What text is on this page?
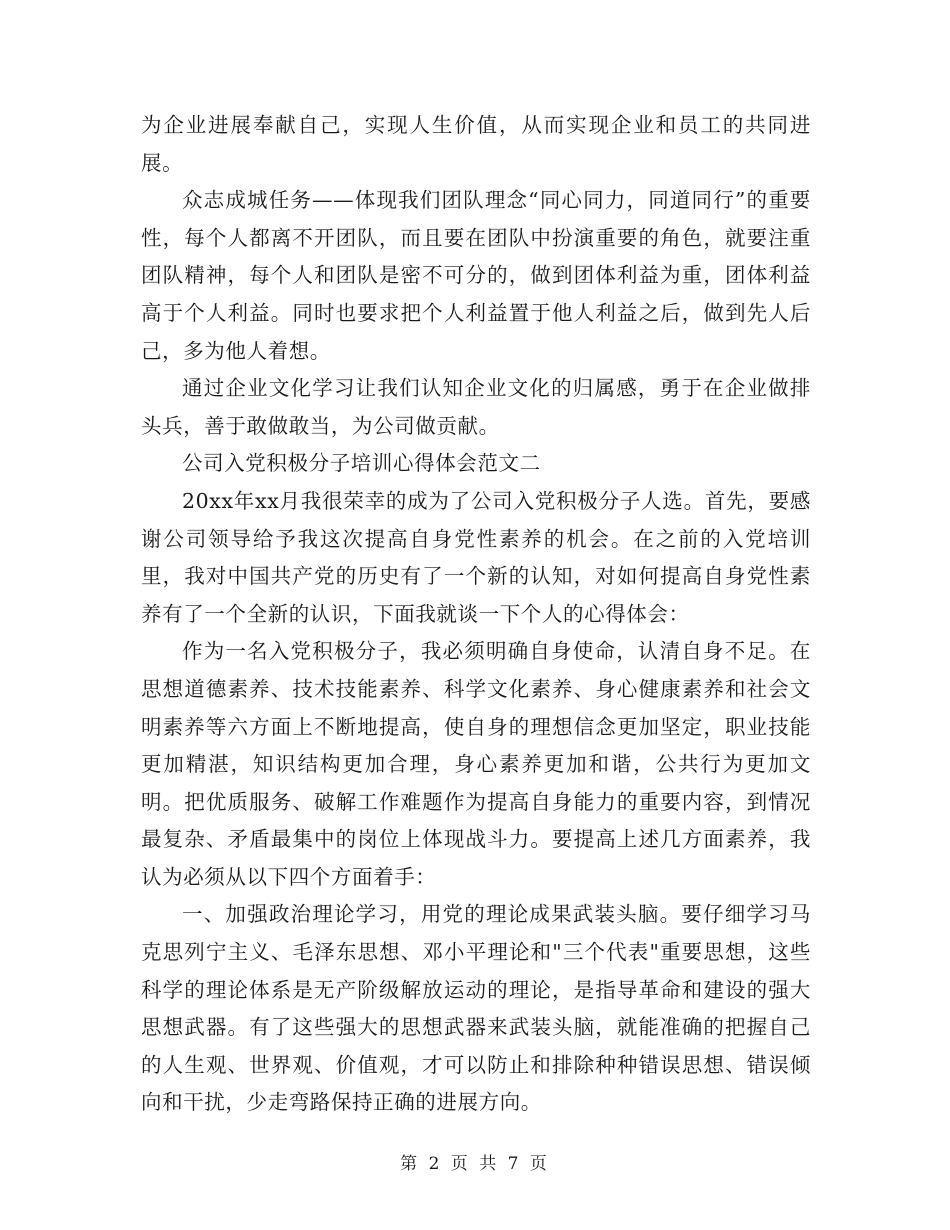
为企业进展奉献自己，实现人生价值，从而实现企业和员工的共同进展。

众志成城任务——体现我们团队理念“同心同力，同道同行”的重要性，每个人都离不开团队，而且要在团队中扮演重要的角色，就要注重团队精神，每个人和团队是密不可分的，做到团体利益为重，团体利益高于个人利益。同时也要求把个人利益置于他人利益之后，做到先人后己，多为他人着想。

通过企业文化学习让我们认知企业文化的归属感，勇于在企业做排头兵，善于敢做敢当，为公司做贡献。

公司入党积极分子培训心得体会范文二

20xx年xx月我很荣幸的成为了公司入党积极分子人选。首先，要感谢公司领导给予我这次提高自身党性素养的机会。在之前的入党培训里，我对中国共产党的历史有了一个新的认知，对如何提高自身党性素养有了一个全新的认识，下面我就谈一下个人的心得体会：

作为一名入党积极分子，我必须明确自身使命，认清自身不足。在思想道德素养、技术技能素养、科学文化素养、身心健康素养和社会文明素养等六方面上不断地提高，使自身的理想信念更加坚定，职业技能更加精湛，知识结构更加合理，身心素养更加和谐，公共行为更加文明。把优质服务、破解工作难题作为提高自身能力的重要内容，到情况最复杂、矛盾最集中的岗位上体现战斗力。要提高上述几方面素养，我认为必须从以下四个方面着手：

一、加强政治理论学习，用党的理论成果武装头脑。要仔细学习马克思列宁主义、毛泽东思想、邓小平理论和"三个代表"重要思想，这些科学的理论体系是无产阶级解放运动的理论，是指导革命和建设的强大思想武器。有了这些强大的思想武器来武装头脑，就能准确的把握自己的人生观、世界观、价值观，才可以防止和排除种种错误思想、错误倾向和干扰，少走弯路保持正确的进展方向。

第 2 页 共 7 页
